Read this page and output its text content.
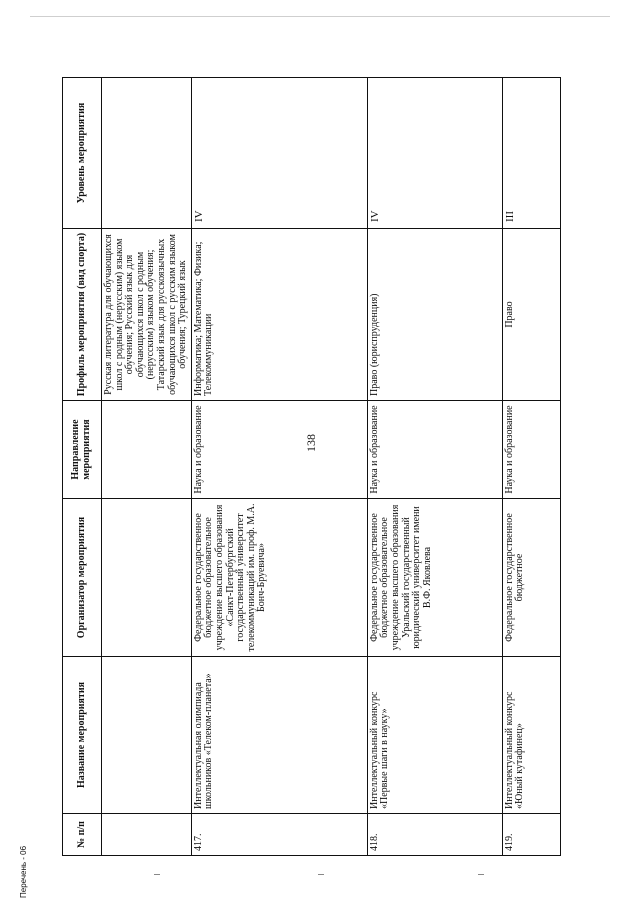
138
№ п/п	Название мероприятия	Организатор мероприятия	Направление мероприятия	Профиль мероприятия (вид спорта)	Уровень мероприятия
				Русская литература для обучающихся школ с родным (нерусским) языком обучения; Русский язык для обучающихся школ с родным (нерусским) языком обучения; Татарский язык для русскоязычных обучающихся школ с русским языком обучения; Турецкий язык	
417.	Интеллектуальная олимпиада школьников «Телеком-планета»	Федеральное государственное бюджетное образовательное учреждение высшего образования «Санкт-Петербургский государственный университет телекоммуникаций им. проф. М.А. Бонч-Бруевича»	Наука и образование	Информатика; Математика; Физика; Телекоммуникации	IV
418.	Интеллектуальный конкурс «Первые шаги в науку»	Федеральное государственное бюджетное образовательное учреждение высшего образования Уральский государственный юридический университет имени В.Ф. Яковлева	Наука и образование	Право (юриспруденция)	IV
419.	Интеллектуальный конкурс «Юный кутафинец»	Федеральное государственное бюджетное	Наука и образование	Право	III
Перечень - 06
